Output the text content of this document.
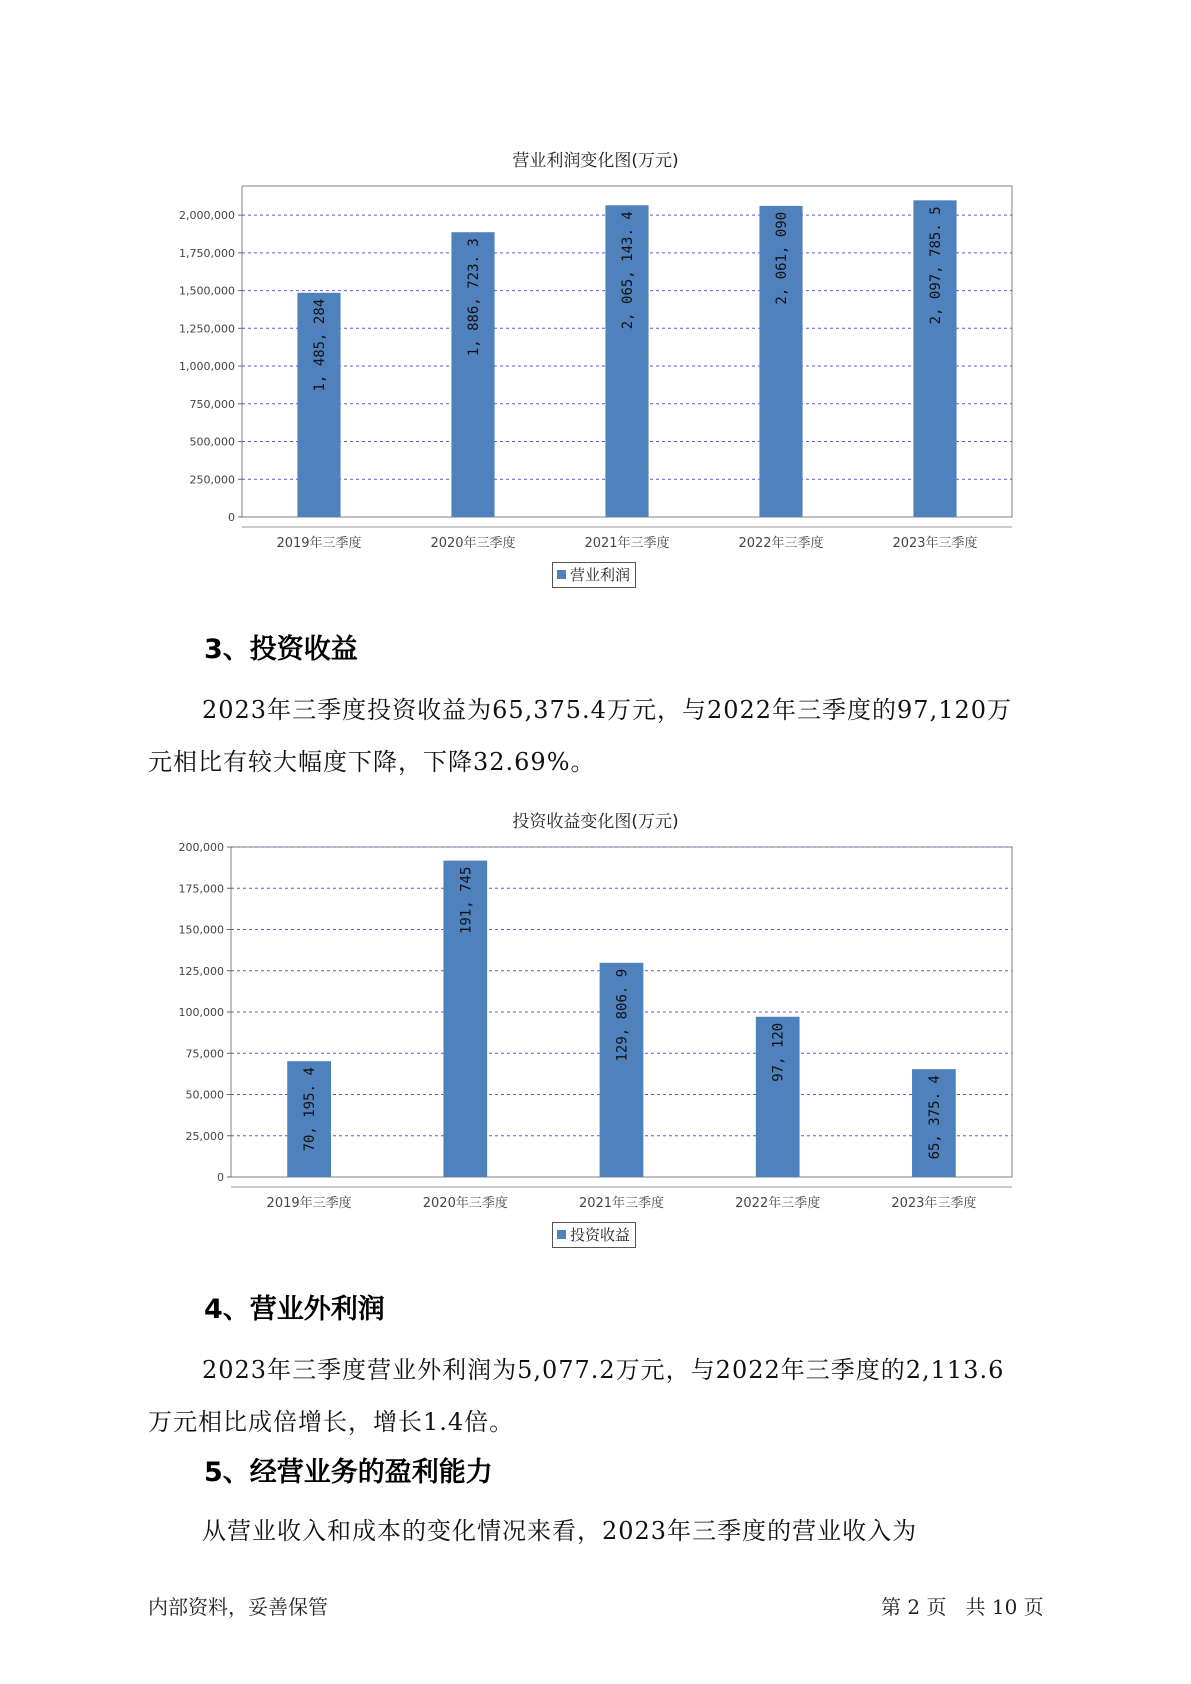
营业利润变化图(万元)
0
250,000
500,000
750,000
1,000,000
1,250,000
1,500,000
1,750,000
2,000,000
1, 485, 284
2019年三季度
1, 886, 723. 3
2020年三季度
2, 065, 143. 4
2021年三季度
2, 061, 090
2022年三季度
2, 097, 785. 5
2023年三季度
营业利润
3、投资收益
2023年三季度投资收益为65,375.4万元，与2022年三季度的97,120万
元相比有较大幅度下降，下降32.69%。
投资收益变化图(万元)
0
25,000
50,000
75,000
100,000
125,000
150,000
175,000
200,000
70, 195. 4
2019年三季度
191, 745
2020年三季度
129, 806. 9
2021年三季度
97, 120
2022年三季度
65, 375. 4
2023年三季度
投资收益
4、营业外利润
2023年三季度营业外利润为5,077.2万元，与2022年三季度的2,113.6
万元相比成倍增长，增长1.4倍。
5、经营业务的盈利能力
从营业收入和成本的变化情况来看，2023年三季度的营业收入为
内部资料，妥善保管	第 2 页   共 10 页
